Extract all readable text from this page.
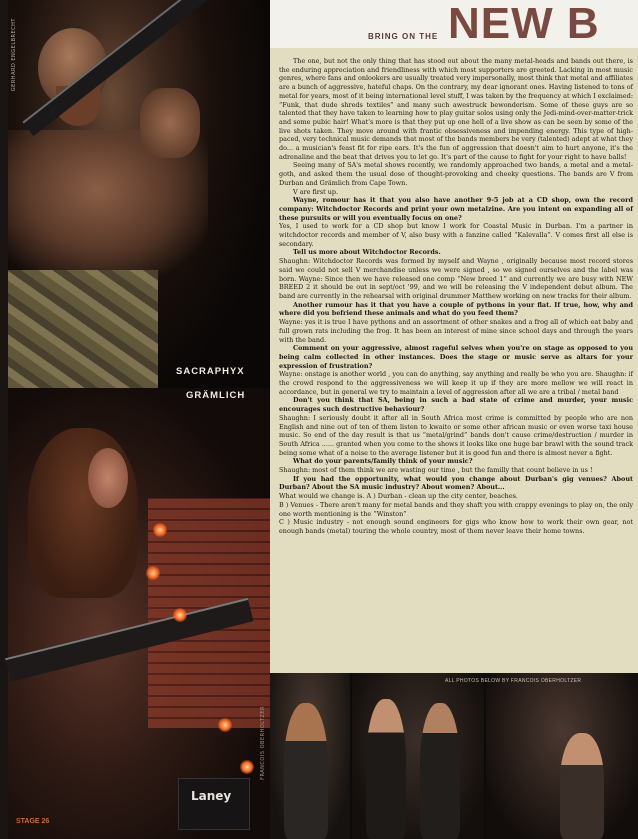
GERHARD ENGELBRECHT
SACRAPHYX
GRÄMLICH
Laney
FRANCOIS OBERHOLTZER
BRING ON THE NEW B

The one, but not the only thing that has stood out about the many metal-heads and bands out there, is the enduring appreciation and friendliness with which most supporters are greeted. Lacking in most music genres, where fans and onlookers are usually treated very impersonally, most think that metal and affiliates are a bunch of aggressive, hateful chaps. On the contrary, my dear ignorant ones. Having listened to tons of metal for years, most of it being international level stuff, I was taken by the frequency at which I exclaimed: “Funk, that dude shreds textiles” and many such awestruck bewonderism. Some of these guys are so talented that they have taken to learning how to play guitar solos using only the Jedi-mind-over-matter-trick and some pubic hair! What's more is that they put up one hell of a live show as can be seen by some of the live shots taken. They move around with frantic obsessiveness and impending energy. This type of high-paced, very technical music demands that most of the bands members be very (talented) adept at what they do... a musician's feast fit for ripe ears. It's the fun of aggression that doesn't aim to hurt anyone, it's the adrenaline and the beat that drives you to let go. It's part of the cause to fight for your right to have balls!

Seeing many of SA's metal shows recently, we randomly approached two bands, a metal and a metal-goth, and asked them the usual dose of thought-provoking and cheeky questions. The bands are V from Durban and Grämlich from Cape Town.

V are first up.

Wayne, romour has it that you also have another 9-5 job at a CD shop, own the record company: Witchdoctor Records and print your own metalzine. Are you intent on expanding all of these pursuits or will you eventually focus on one?

Yes, I used to work for a CD shop but know I work for Coastal Music in Durban. I'm a partner in witchdoctor records and member of V, also busy with a fanzine called “Kalevalla”. V comes first all else is secondary.

Tell us more about Witchdoctor Records.

Shaughn: Witchdoctor Records was formed by myself and Wayne , originally because most record stores said we could not sell V merchandise unless we were signed , so we signed ourselves and the label was born. Wayne: Since then we have released one comp “New breed 1” and currently we are busy with NEW BREED 2 it should be out in sept/oct '99, and we will be releasing the V independent debut album. The band are currently in the rehearsal with original drummer Matthew working on new tracks for their album.

Another rumour has it that you have a couple of pythons in your flat. If true, how, why and where did you befriend these animals and what do you feed them?

Wayne: yes it is true I have pythons and an assortment of other snakes and a frog all of which eat baby and full grown rats including the frog. It has been an interest of mine since school days and through the years with the band.

Comment on your aggressive, almost rageful selves when you're on stage as opposed to you being calm collected in other instances. Does the stage or music serve as altars for your expression of frustration?

Wayne: onstage is another world , you can do anything, say anything and really be who you are. Shaughn: if the crowd respond to the aggressiveness we will keep it up if they are more mellow we will react in accordance, but in general we try to maintain a level of aggression after all we are a tribal / metal band

Don't you think that SA, being in such a bad state of crime and murder, your music encourages such destructive behaviour?

Shaughn: I seriously doubt it after all in South Africa most crime is committed by people who are non English and nine out of ten of them listen to kwaito or some other african music or even worse taxi house music. So end of the day result is that us “metal/grind” bands don't cause crime/destruction / murder in South Africa ...... granted when you come to the shows it looks like one huge bar brawl with the sound track being some what of a noise to the average listener but it is good fun and there is almost never a fight.

What do your parents/family think of your music?

Shaughn: most of them think we are wasting our time , but the familly that count believe in us !

If you had the opportunity, what would you change about Durban's gig venues? About Durban? About the SA music industry? About women? About...

What would we change is. A ) Durban - clean up the city center, beaches.

B ) Venues - There aren't many for metal bands and they shaft you with crappy evenings to play on, the only one worth mentioning is the “Winston”

C ) Music industry - not enough sound engineers for gigs who know how to work their own gear, not enough bands (metal) touring the whole country, most of them never leave their home towns.

ALL PHOTOS BELOW BY FRANCOIS OBERHOLTZER
STAGE 26
